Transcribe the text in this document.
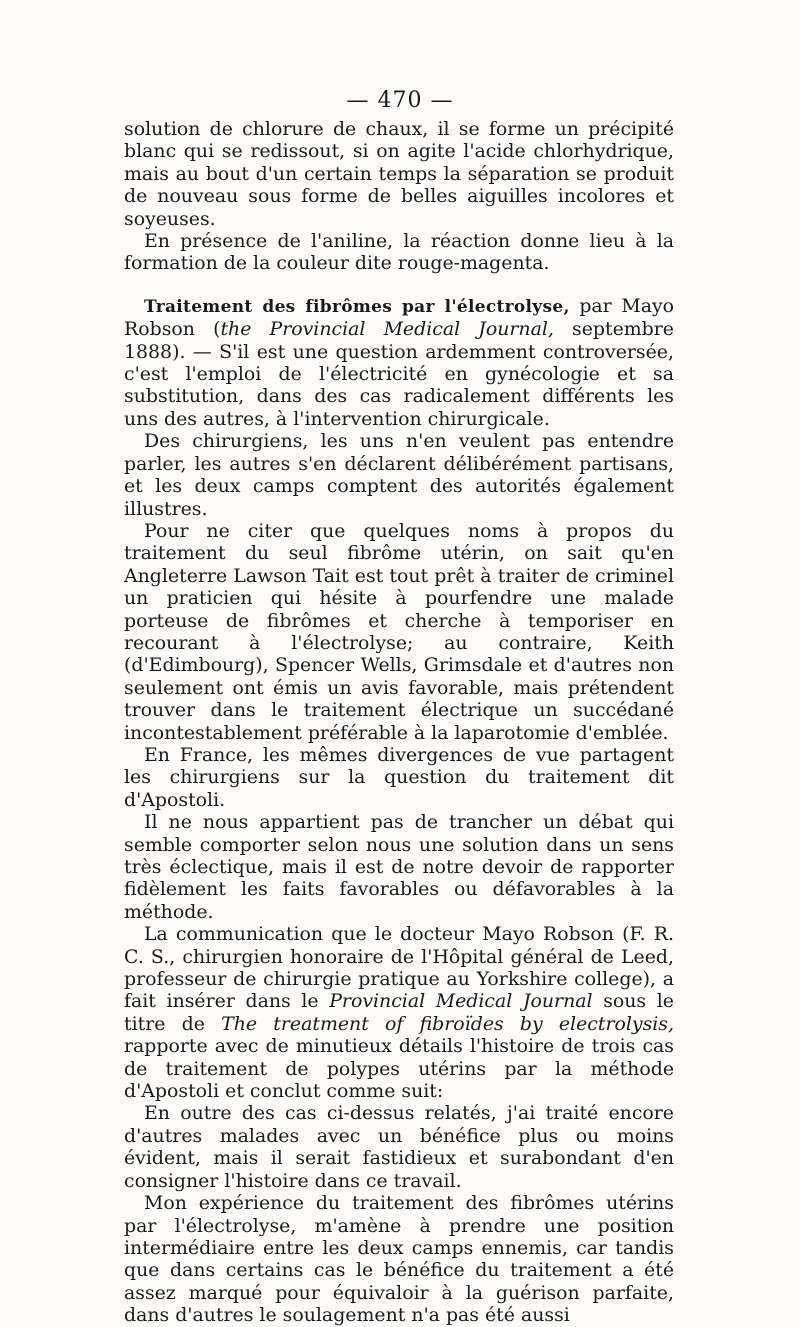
— 470 —

solution de chlorure de chaux, il se forme un précipité blanc qui se redissout, si on agite l'acide chlorhydrique, mais au bout d'un certain temps la séparation se produit de nouveau sous forme de belles aiguilles incolores et soyeuses.

En présence de l'aniline, la réaction donne lieu à la formation de la couleur dite rouge-magenta.

Traitement des fibrômes par l'électrolyse, par Mayo Robson (the Provincial Medical Journal, septembre 1888). — S'il est une question ardemment controversée, c'est l'emploi de l'électricité en gynécologie et sa substitution, dans des cas radicalement différents les uns des autres, à l'intervention chirurgicale.

Des chirurgiens, les uns n'en veulent pas entendre parler, les autres s'en déclarent délibérément partisans, et les deux camps comptent des autorités également illustres.

Pour ne citer que quelques noms à propos du traitement du seul fibrôme utérin, on sait qu'en Angleterre Lawson Tait est tout prêt à traiter de criminel un praticien qui hésite à pourfendre une malade porteuse de fibrômes et cherche à temporiser en recourant à l'électrolyse; au contraire, Keith (d'Edimbourg), Spencer Wells, Grimsdale et d'autres non seulement ont émis un avis favorable, mais prétendent trouver dans le traitement électrique un succédané incontestablement préférable à la laparotomie d'emblée.

En France, les mêmes divergences de vue partagent les chirurgiens sur la question du traitement dit d'Apostoli.

Il ne nous appartient pas de trancher un débat qui semble comporter selon nous une solution dans un sens très éclectique, mais il est de notre devoir de rapporter fidèlement les faits favorables ou défavorables à la méthode.

La communication que le docteur Mayo Robson (F. R. C. S., chirurgien honoraire de l'Hôpital général de Leed, professeur de chirurgie pratique au Yorkshire college), a fait insérer dans le Provincial Medical Journal sous le titre de The treatment of fibroïdes by electrolysis, rapporte avec de minutieux détails l'histoire de trois cas de traitement de polypes utérins par la méthode d'Apostoli et conclut comme suit:

En outre des cas ci-dessus relatés, j'ai traité encore d'autres malades avec un bénéfice plus ou moins évident, mais il serait fastidieux et surabondant d'en consigner l'histoire dans ce travail.

Mon expérience du traitement des fibrômes utérins par l'électrolyse, m'amène à prendre une position intermédiaire entre les deux camps ennemis, car tandis que dans certains cas le bénéfice du traitement a été assez marqué pour équivaloir à la guérison parfaite, dans d'autres le soulagement n'a pas été aussi
